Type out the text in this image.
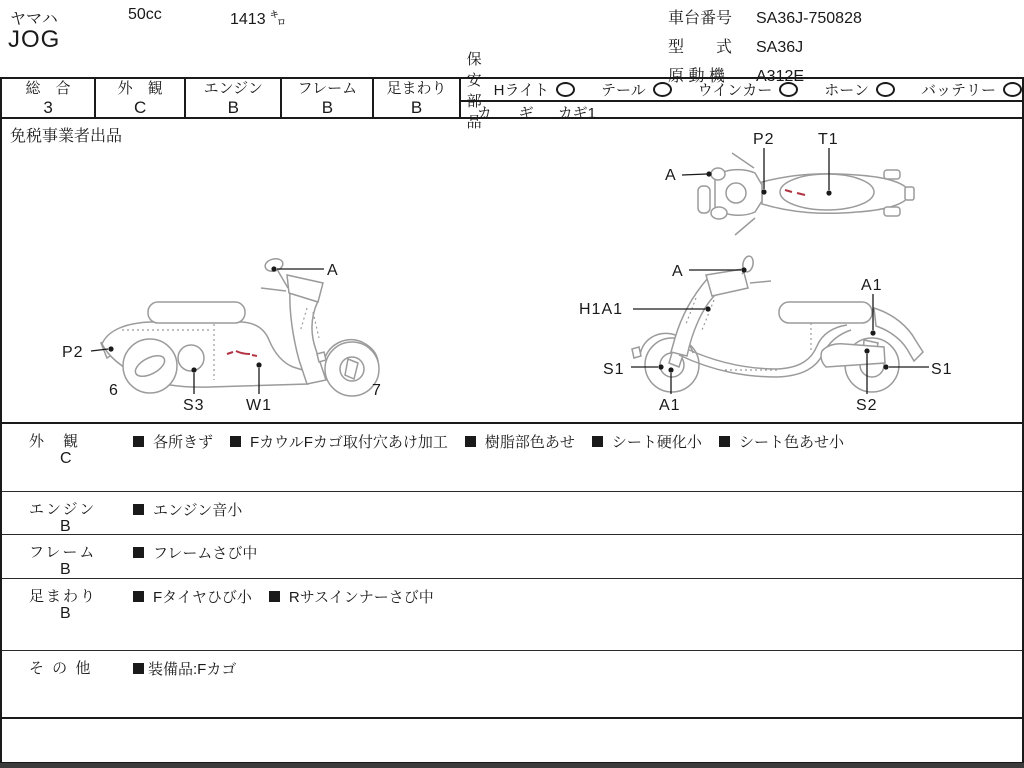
ヤマハ	50cc	1413 ㌔
JOG
車台番号 SA36J-750828
型　　式 SA36J
原 動 機 A312E
総　合
3
外　観
C
エンジン
B
フレーム
B
足まわり
B
保安部品
Hライト	テール	ウインカー	ホーン	バッテリー
カ　ギ カギ1
免税事業者出品
A
P2	T1
A
P2
6
S3	W1
7
A
H1A1
A1
S1
A1	S2
S1
外　観
C
各所きず FカウルFカゴ取付穴あけ加工 樹脂部色あせ シート硬化小 シート色あせ小
エンジン
B
エンジン音小
フレーム
B
フレームさび中
足まわり
B
Fタイヤひび小 Rサスインナーさび中
そ の 他	装備品:Fカゴ
